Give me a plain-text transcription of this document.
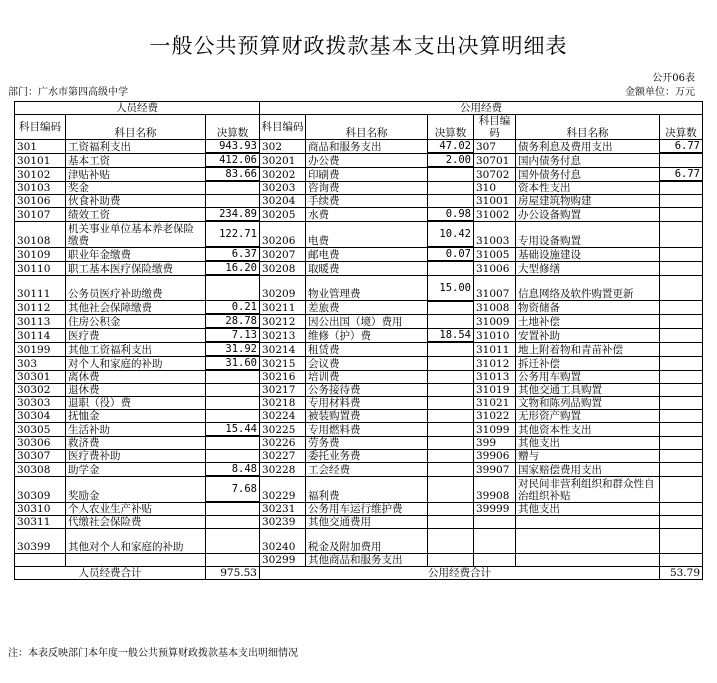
一般公共预算财政拨款基本支出决算明细表
公开06表
部门：广水市第四高级中学	金额单位：万元
人员经费			公用经费					
科目编码	科目名称	决算数	科目编码	科目名称	决算数	科目编码	科目名称	决算数
301	工资福利支出	943.93	302	商品和服务支出	47.02	307	债务利息及费用支出	6.77
30101	基本工资	412.06	30201	办公费	2.00	30701	国内债务付息	
30102	津贴补贴	83.66	30202	印刷费		30702	国外债务付息	6.77
30103	奖金		30203	咨询费		310	资本性支出	
30106	伙食补助费		30204	手续费		31001	房屋建筑物购建	
30107	绩效工资	234.89	30205	水费	0.98	31002	办公设备购置	
30108	机关事业单位基本养老保险缴费	122.71	30206	电费	10.42	31003	专用设备购置	
30109	职业年金缴费	6.37	30207	邮电费	0.07	31005	基础设施建设	
30110	职工基本医疗保险缴费	16.20	30208	取暖费		31006	大型修缮	
30111	公务员医疗补助缴费		30209	物业管理费	15.00	31007	信息网络及软件购置更新	
30112	其他社会保障缴费	0.21	30211	差旅费		31008	物资储备	
30113	住房公积金	28.78	30212	因公出国（境）费用		31009	土地补偿	
30114	医疗费	7.13	30213	维修（护）费	18.54	31010	安置补助	
30199	其他工资福利支出	31.92	30214	租赁费		31011	地上附着物和青苗补偿	
303	对个人和家庭的补助	31.60	30215	会议费		31012	拆迁补偿	
30301	离休费		30216	培训费		31013	公务用车购置	
30302	退休费		30217	公务接待费		31019	其他交通工具购置	
30303	退职（役）费		30218	专用材料费		31021	文物和陈列品购置	
30304	抚恤金		30224	被装购置费		31022	无形资产购置	
30305	生活补助	15.44	30225	专用燃料费		31099	其他资本性支出	
30306	救济费		30226	劳务费		399	其他支出	
30307	医疗费补助		30227	委托业务费		39906	赠与	
30308	助学金	8.48	30228	工会经费		39907	国家赔偿费用支出	
30309	奖励金	7.68	30229	福利费		39908	对民间非营利组织和群众性自治组织补贴	
30310	个人农业生产补贴		30231	公务用车运行维护费		39999	其他支出	
30311	代缴社会保险费		30239	其他交通费用				
30399	其他对个人和家庭的补助		30240	税金及附加费用				
			30299	其他商品和服务支出				
人员经费合计		975.53	公用经费合计					53.79
注：本表反映部门本年度一般公共预算财政拨款基本支出明细情况
